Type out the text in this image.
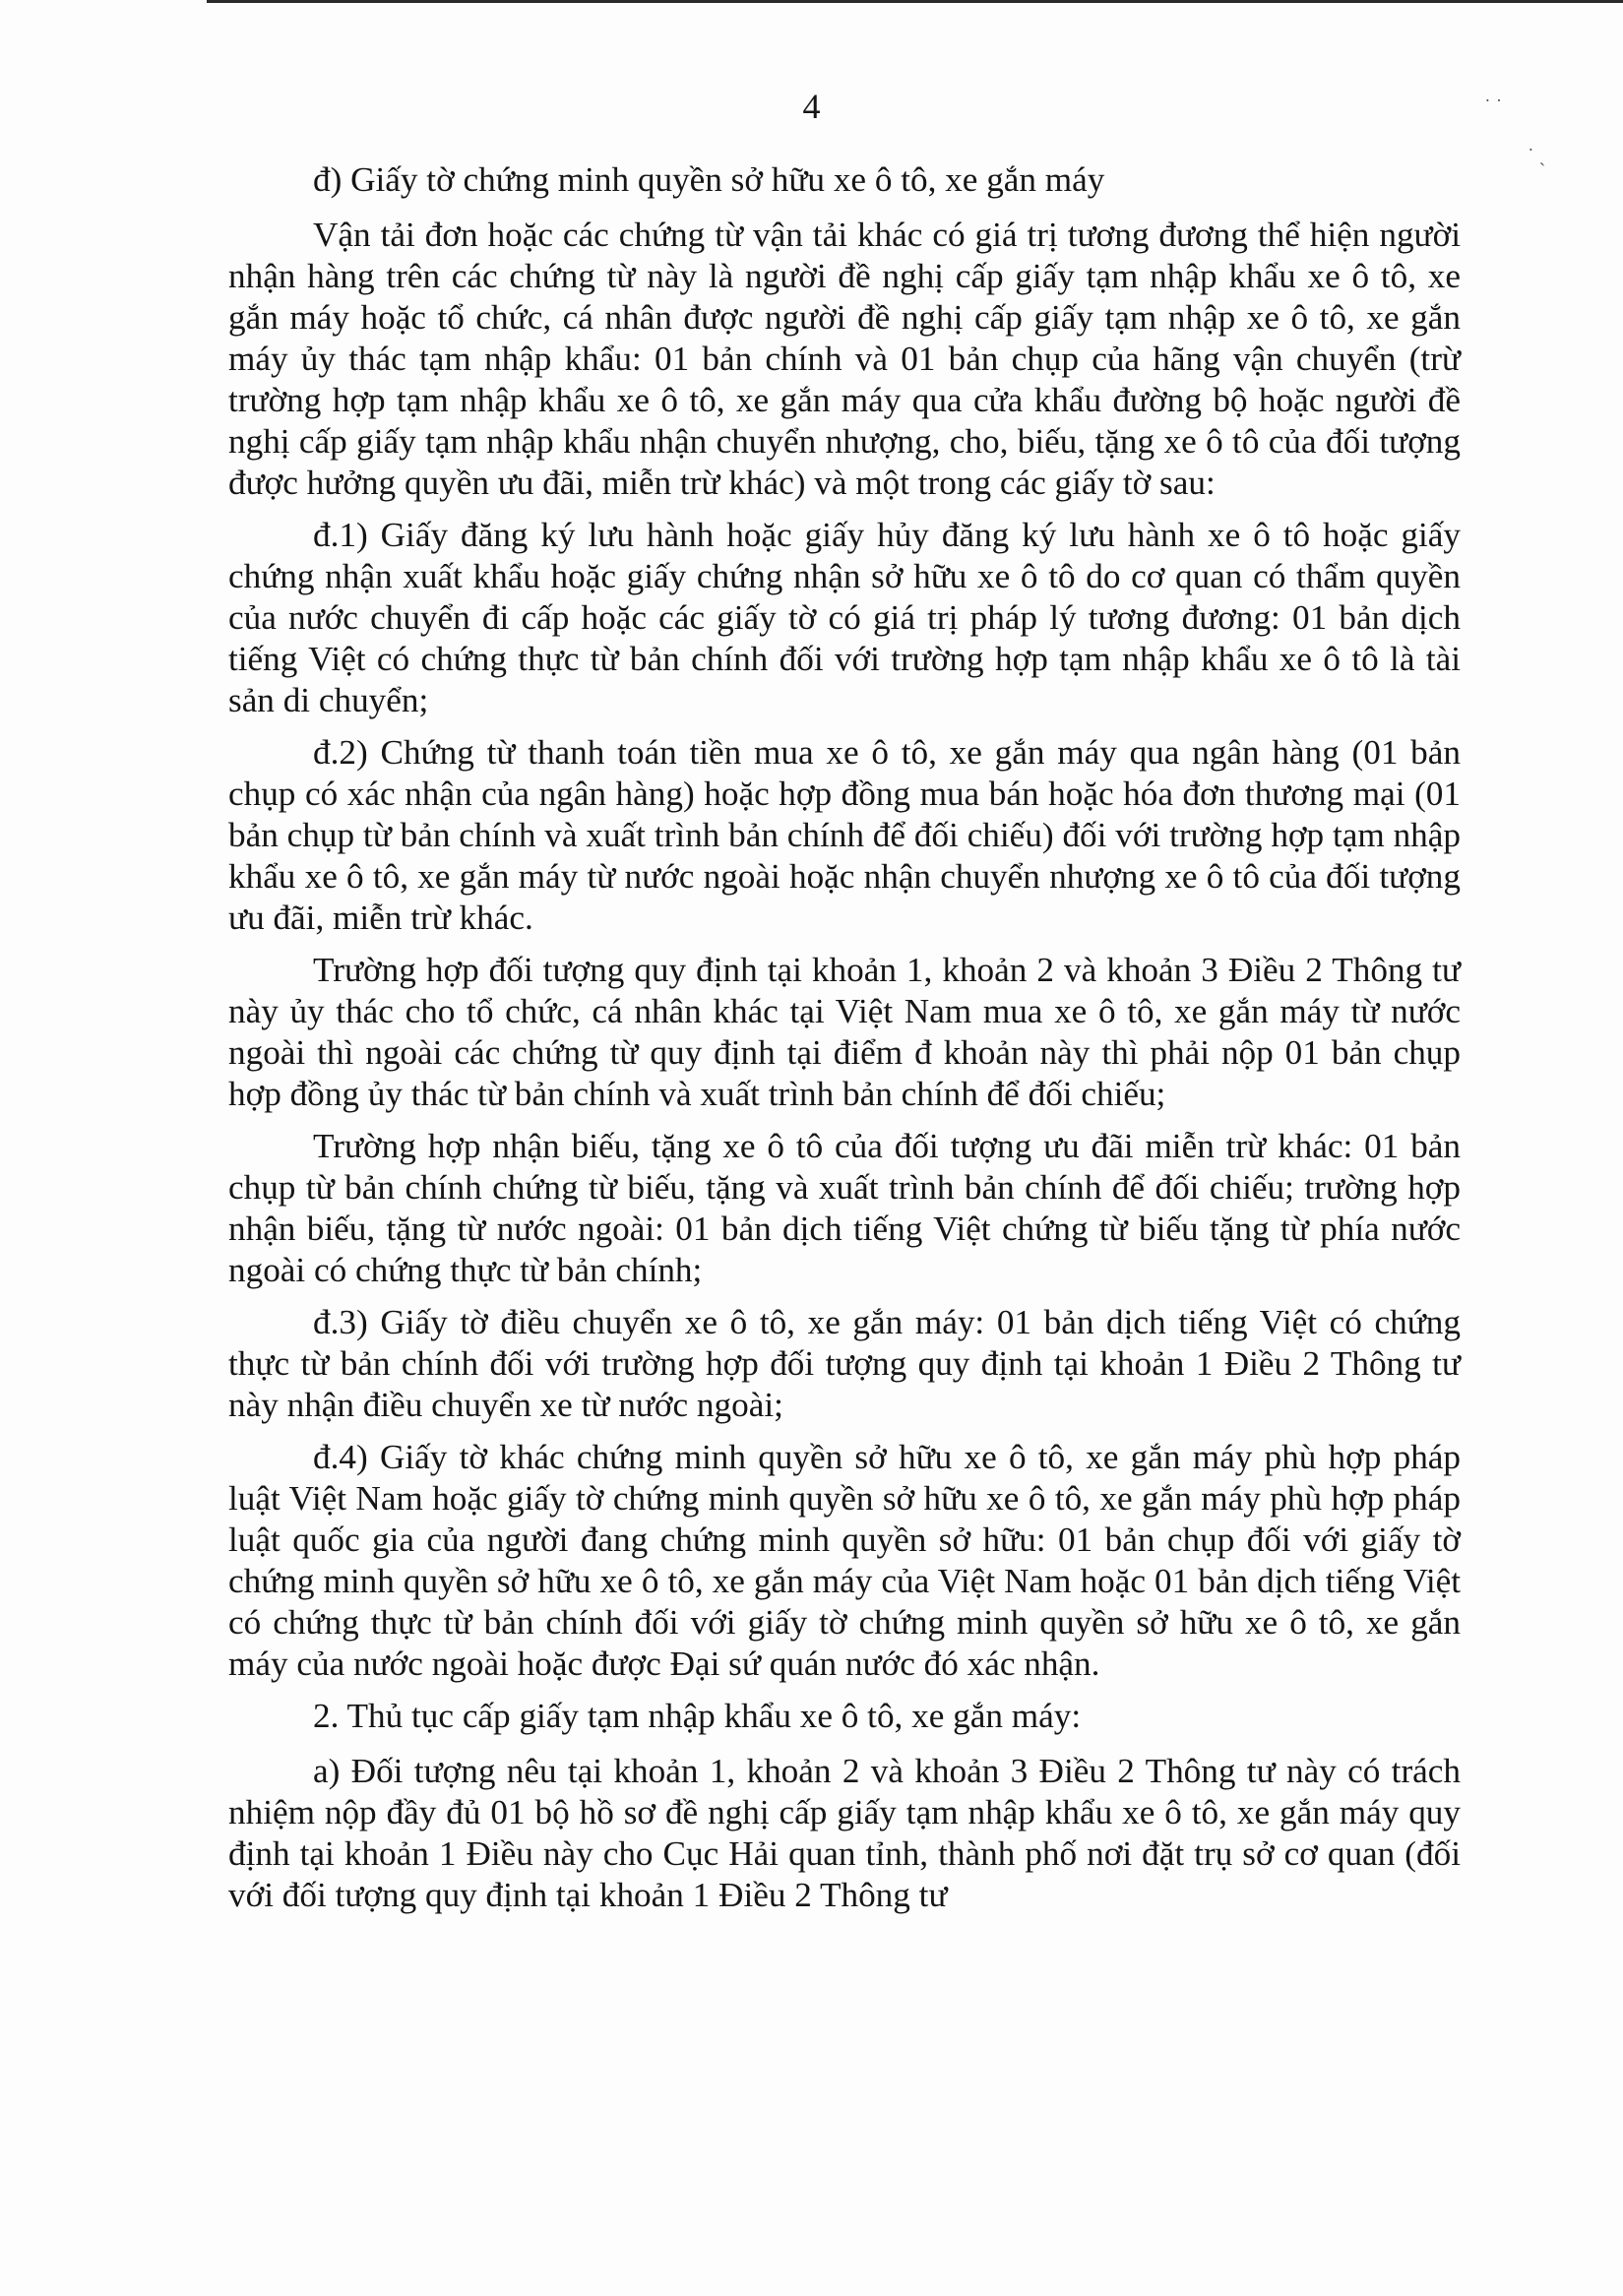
4	˙ ˙
˙ ˏ

đ) Giấy tờ chứng minh quyền sở hữu xe ô tô, xe gắn máy

Vận tải đơn hoặc các chứng từ vận tải khác có giá trị tương đương thể hiện người nhận hàng trên các chứng từ này là người đề nghị cấp giấy tạm nhập khẩu xe ô tô, xe gắn máy hoặc tổ chức, cá nhân được người đề nghị cấp giấy tạm nhập xe ô tô, xe gắn máy ủy thác tạm nhập khẩu: 01 bản chính và 01 bản chụp của hãng vận chuyển (trừ trường hợp tạm nhập khẩu xe ô tô, xe gắn máy qua cửa khẩu đường bộ hoặc người đề nghị cấp giấy tạm nhập khẩu nhận chuyển nhượng, cho, biếu, tặng xe ô tô của đối tượng được hưởng quyền ưu đãi, miễn trừ khác) và một trong các giấy tờ sau:

đ.1) Giấy đăng ký lưu hành hoặc giấy hủy đăng ký lưu hành xe ô tô hoặc giấy chứng nhận xuất khẩu hoặc giấy chứng nhận sở hữu xe ô tô do cơ quan có thẩm quyền của nước chuyển đi cấp hoặc các giấy tờ có giá trị pháp lý tương đương: 01 bản dịch tiếng Việt có chứng thực từ bản chính đối với trường hợp tạm nhập khẩu xe ô tô là tài sản di chuyển;

đ.2) Chứng từ thanh toán tiền mua xe ô tô, xe gắn máy qua ngân hàng (01 bản chụp có xác nhận của ngân hàng) hoặc hợp đồng mua bán hoặc hóa đơn thương mại (01 bản chụp từ bản chính và xuất trình bản chính để đối chiếu) đối với trường hợp tạm nhập khẩu xe ô tô, xe gắn máy từ nước ngoài hoặc nhận chuyển nhượng xe ô tô của đối tượng ưu đãi, miễn trừ khác.

Trường hợp đối tượng quy định tại khoản 1, khoản 2 và khoản 3 Điều 2 Thông tư này ủy thác cho tổ chức, cá nhân khác tại Việt Nam mua xe ô tô, xe gắn máy từ nước ngoài thì ngoài các chứng từ quy định tại điểm đ khoản này thì phải nộp 01 bản chụp hợp đồng ủy thác từ bản chính và xuất trình bản chính để đối chiếu;

Trường hợp nhận biếu, tặng xe ô tô của đối tượng ưu đãi miễn trừ khác: 01 bản chụp từ bản chính chứng từ biếu, tặng và xuất trình bản chính để đối chiếu; trường hợp nhận biếu, tặng từ nước ngoài: 01 bản dịch tiếng Việt chứng từ biếu tặng từ phía nước ngoài có chứng thực từ bản chính;

đ.3) Giấy tờ điều chuyển xe ô tô, xe gắn máy: 01 bản dịch tiếng Việt có chứng thực từ bản chính đối với trường hợp đối tượng quy định tại khoản 1 Điều 2 Thông tư này nhận điều chuyển xe từ nước ngoài;

đ.4) Giấy tờ khác chứng minh quyền sở hữu xe ô tô, xe gắn máy phù hợp pháp luật Việt Nam hoặc giấy tờ chứng minh quyền sở hữu xe ô tô, xe gắn máy phù hợp pháp luật quốc gia của người đang chứng minh quyền sở hữu: 01 bản chụp đối với giấy tờ chứng minh quyền sở hữu xe ô tô, xe gắn máy của Việt Nam hoặc 01 bản dịch tiếng Việt có chứng thực từ bản chính đối với giấy tờ chứng minh quyền sở hữu xe ô tô, xe gắn máy của nước ngoài hoặc được Đại sứ quán nước đó xác nhận.

2. Thủ tục cấp giấy tạm nhập khẩu xe ô tô, xe gắn máy:

a) Đối tượng nêu tại khoản 1, khoản 2 và khoản 3 Điều 2 Thông tư này có trách nhiệm nộp đầy đủ 01 bộ hồ sơ đề nghị cấp giấy tạm nhập khẩu xe ô tô, xe gắn máy quy định tại khoản 1 Điều này cho Cục Hải quan tỉnh, thành phố nơi đặt trụ sở cơ quan (đối với đối tượng quy định tại khoản 1 Điều 2 Thông tư
